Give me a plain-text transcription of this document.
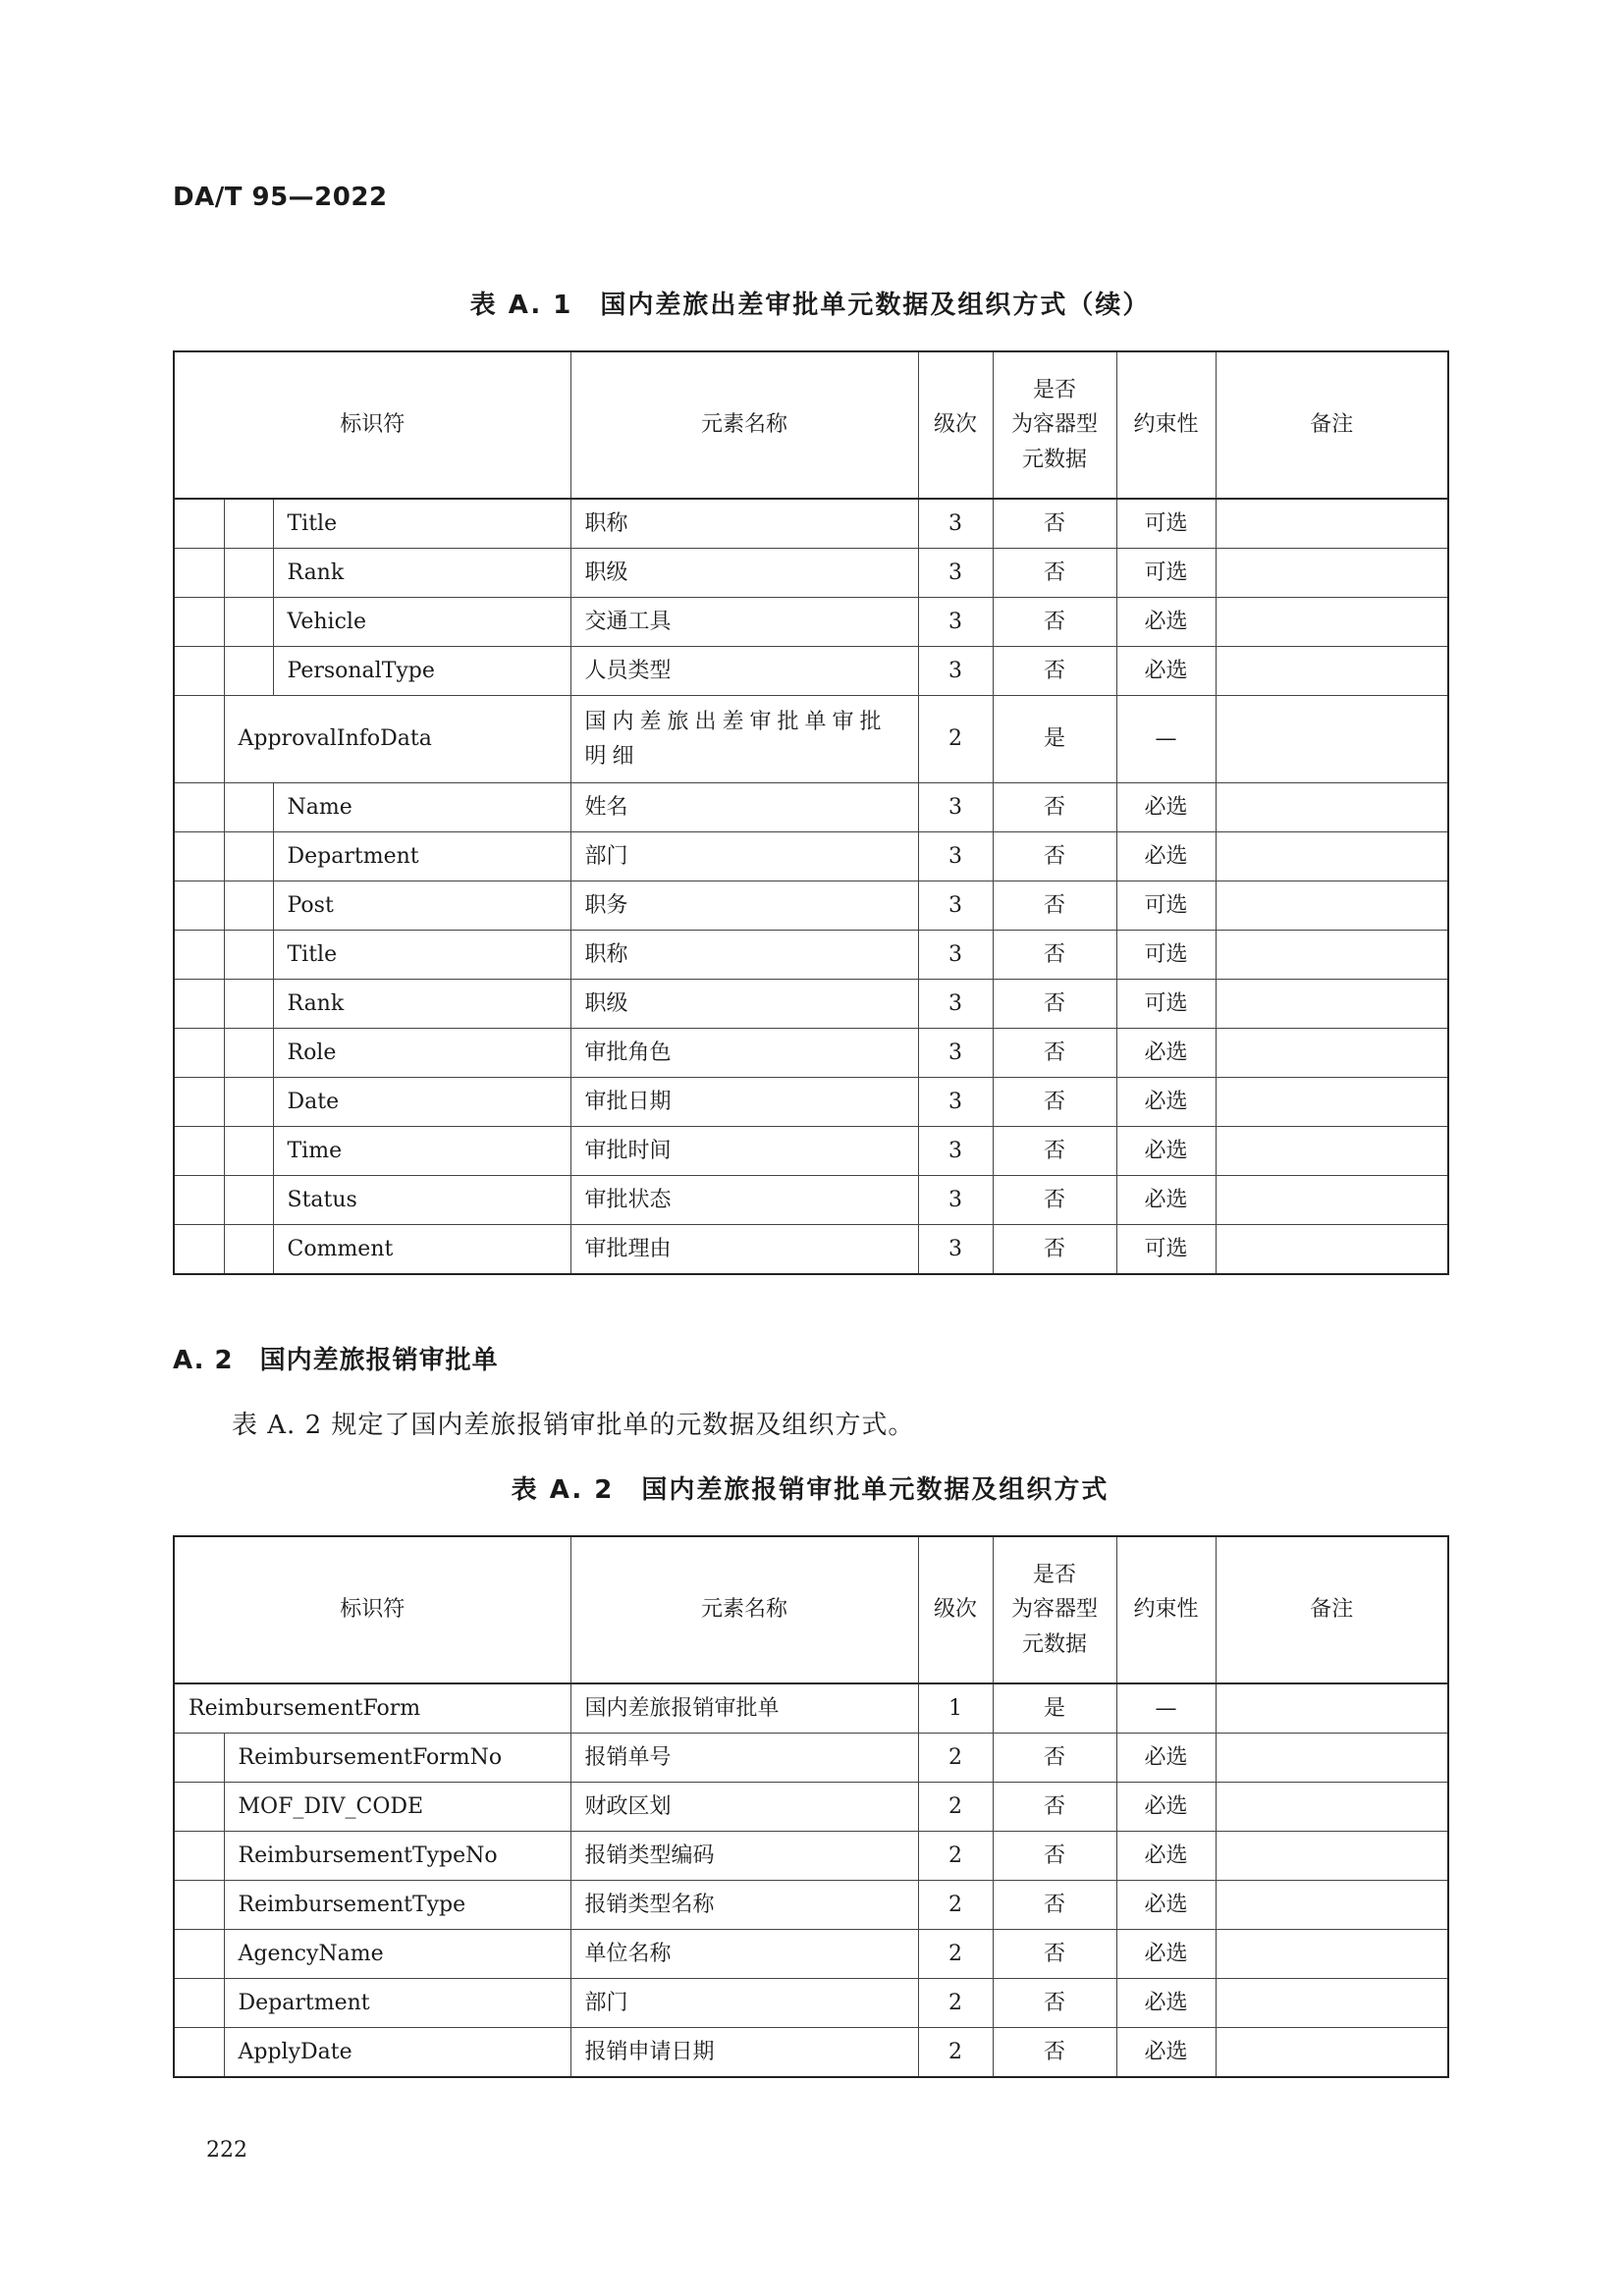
DA/T 95—2022
表 A. 1　国内差旅出差审批单元数据及组织方式（续）
标识符			元素名称	级次	是否
为容器型
元数据	约束性	备注
		Title	职称	3	否	可选	
		Rank	职级	3	否	可选	
		Vehicle	交通工具	3	否	必选	
		PersonalType	人员类型	3	否	必选	
	ApprovalInfoData		国内差旅出差审批单审批明细	2	是	—	
		Name	姓名	3	否	必选	
		Department	部门	3	否	必选	
		Post	职务	3	否	可选	
		Title	职称	3	否	可选	
		Rank	职级	3	否	可选	
		Role	审批角色	3	否	必选	
		Date	审批日期	3	否	必选	
		Time	审批时间	3	否	必选	
		Status	审批状态	3	否	必选	
		Comment	审批理由	3	否	可选	
A. 2　国内差旅报销审批单
表 A. 2 规定了国内差旅报销审批单的元数据及组织方式。
表 A. 2　国内差旅报销审批单元数据及组织方式
标识符		元素名称	级次	是否
为容器型
元数据	约束性	备注
ReimbursementForm		国内差旅报销审批单	1	是	—	
	ReimbursementFormNo	报销单号	2	否	必选	
	MOF_DIV_CODE	财政区划	2	否	必选	
	ReimbursementTypeNo	报销类型编码	2	否	必选	
	ReimbursementType	报销类型名称	2	否	必选	
	AgencyName	单位名称	2	否	必选	
	Department	部门	2	否	必选	
	ApplyDate	报销申请日期	2	否	必选	
222
